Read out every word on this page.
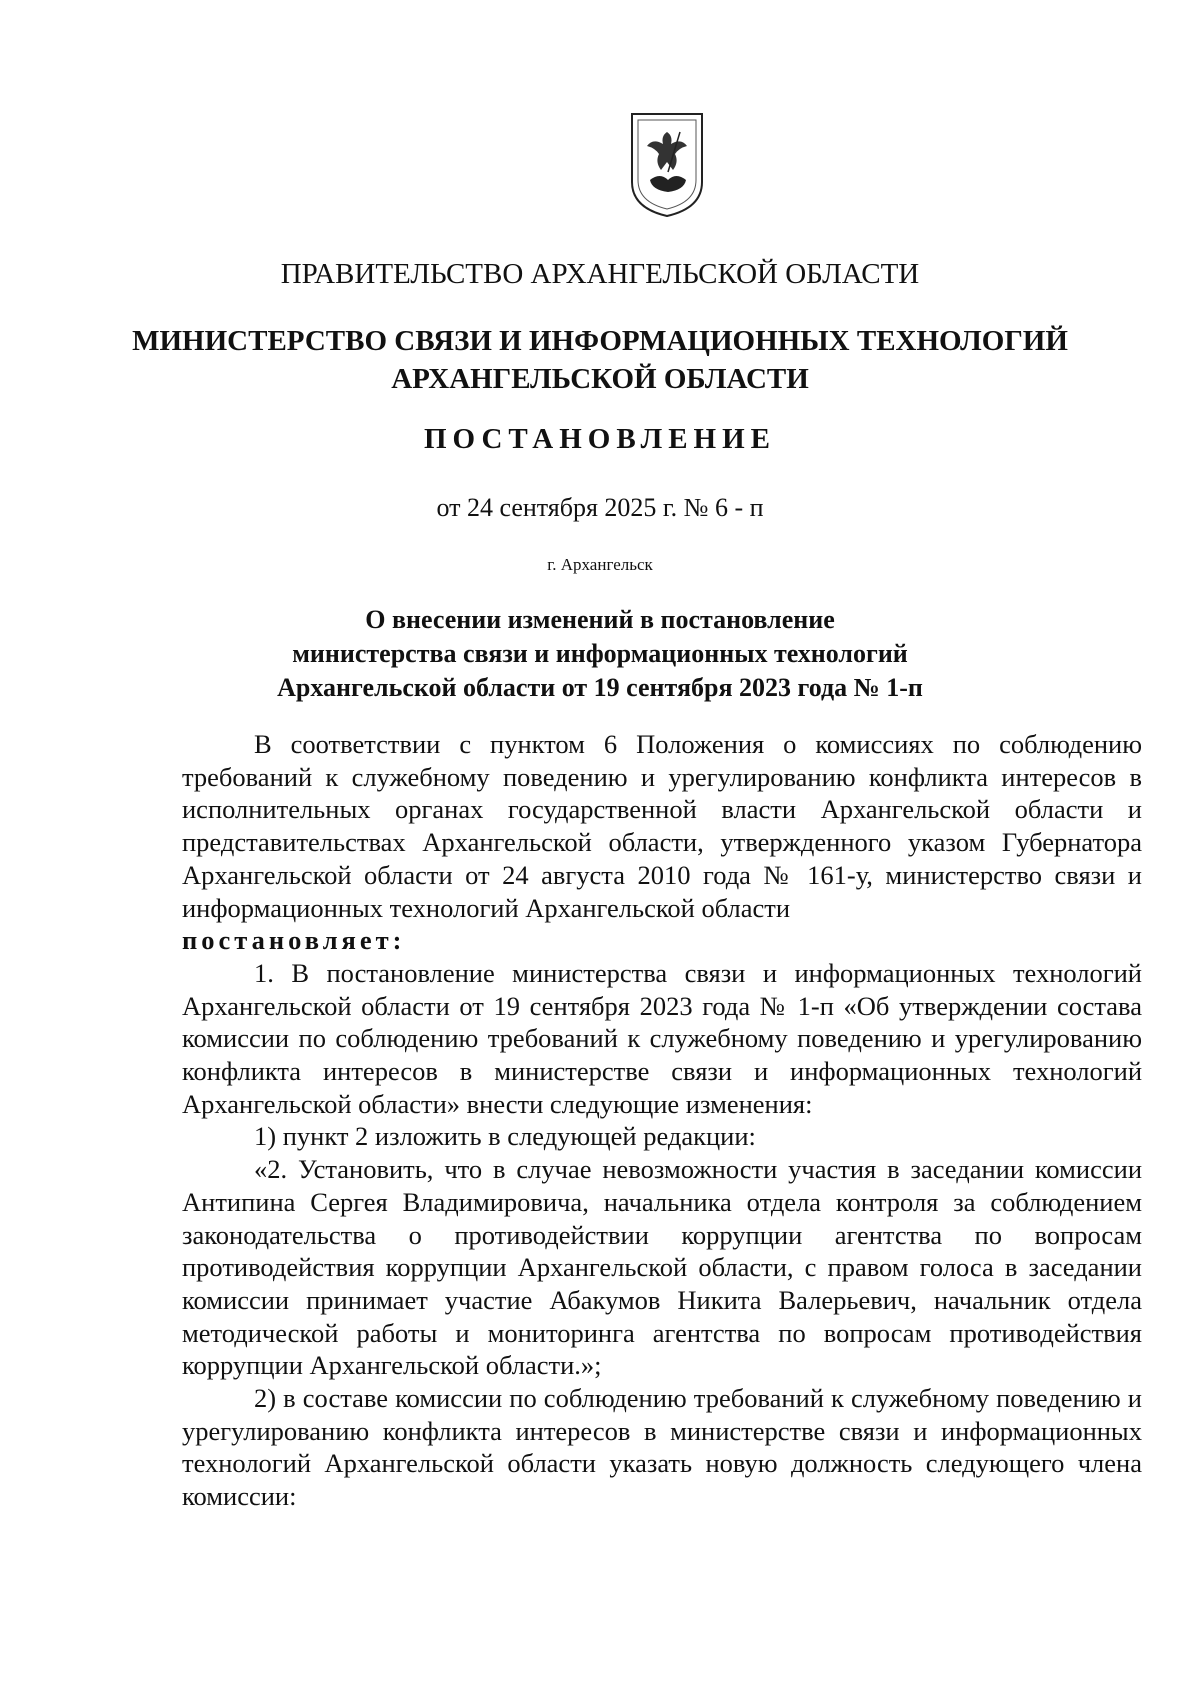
ПРАВИТЕЛЬСТВО АРХАНГЕЛЬСКОЙ ОБЛАСТИ
МИНИСТЕРСТВО СВЯЗИ И ИНФОРМАЦИОННЫХ ТЕХНОЛОГИЙ
АРХАНГЕЛЬСКОЙ ОБЛАСТИ
ПОСТАНОВЛЕНИЕ
от 24 сентября 2025 г. № 6 - п
г. Архангельск
О внесении изменений в постановление
министерства связи и информационных технологий
Архангельской области от 19 сентября 2023 года № 1-п

В соответствии с пунктом 6 Положения о комиссиях по соблюдению требований к служебному поведению и урегулированию конфликта интересов в исполнительных органах государственной власти Архангельской области и представительствах Архангельской области, утвержденного указом Губернатора Архангельской области от 24 августа 2010 года № 161-у, министерство связи и информационных технологий Архангельской области
постановляет:

1. В постановление министерства связи и информационных технологий Архангельской области от 19 сентября 2023 года № 1-п «Об утверждении состава комиссии по соблюдению требований к служебному поведению и урегулированию конфликта интересов в министерстве связи и информационных технологий Архангельской области» внести следующие изменения:

1) пункт 2 изложить в следующей редакции:

«2. Установить, что в случае невозможности участия в заседании комиссии Антипина Сергея Владимировича, начальника отдела контроля за соблюдением законодательства о противодействии коррупции агентства по вопросам противодействия коррупции Архангельской области, с правом голоса в заседании комиссии принимает участие Абакумов Никита Валерьевич, начальник отдела методической работы и мониторинга агентства по вопросам противодействия коррупции Архангельской области.»;

2) в составе комиссии по соблюдению требований к служебному поведению и урегулированию конфликта интересов в министерстве связи и информационных технологий Архангельской области указать новую должность следующего члена комиссии:
